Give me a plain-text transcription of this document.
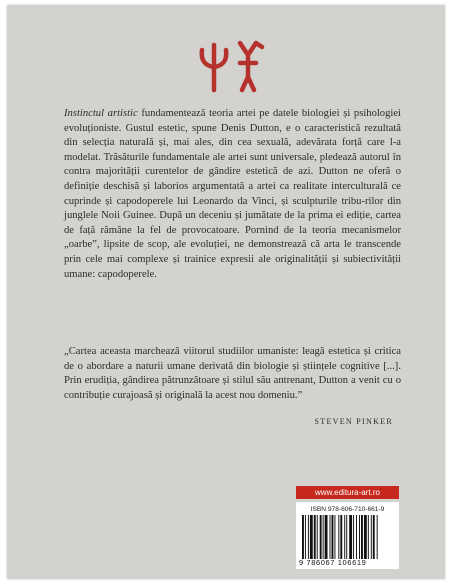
Instinctul artistic fundamentează teoria artei pe datele biologiei și psihologiei evoluționiste. Gustul estetic, spune Denis Dutton, e o caracteristică rezultată din selecția naturală și, mai ales, din cea sexuală, adevărata forță care l-a modelat. Trăsăturile fundamentale ale artei sunt universale, pledează autorul în contra majorității curentelor de gândire estetică de azi. Dutton ne oferă o definiție deschisă și laborios argumentată a artei ca realitate interculturală ce cuprinde și capodoperele lui Leonardo da Vinci, și sculpturile tribu-rilor din junglele Noii Guinee. După un deceniu și jumătate de la prima ei ediție, cartea de față rămâne la fel de provocatoare. Pornind de la teoria mecanismelor „oarbe”, lipsite de scop, ale evoluției, ne demonstrează că arta le transcende prin cele mai complexe și trainice expresii ale originalității și subiectivității umane: capodoperele.

„Cartea aceasta marchează viitorul studiilor umaniste: leagă estetica și critica de o abordare a naturii umane derivată din biologie și științele cognitive [...]. Prin erudiția, gândirea pătrunzătoare și stilul său antrenant, Dutton a venit cu o contribuție curajoasă și originală la acest nou domeniu.”

STEVEN PINKER
www.editura-art.ro
ISBN 978-606-710-661-9
9 786067 106619
